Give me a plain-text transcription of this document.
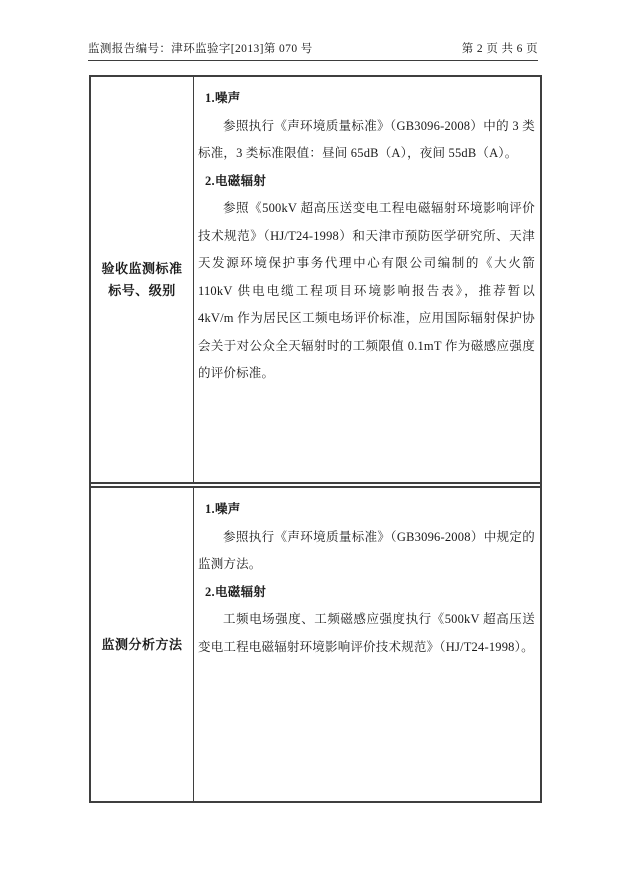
监测报告编号：津环监验字[2013]第 070 号	第 2 页 共 6 页
验收监测标准
标号、级别
1.噪声
参照执行《声环境质量标准》（GB3096-2008）中的 3 类标准，3 类标准限值：昼间 65dB（A），夜间 55dB（A）。
2.电磁辐射
参照《500kV 超高压送变电工程电磁辐射环境影响评价技术规范》（HJ/T24-1998）和天津市预防医学研究所、天津天发源环境保护事务代理中心有限公司编制的《大火箭 110kV 供电电缆工程项目环境影响报告表》，推荐暂以 4kV/m 作为居民区工频电场评价标准，应用国际辐射保护协会关于对公众全天辐射时的工频限值 0.1mT 作为磁感应强度的评价标准。
监测分析方法
1.噪声
参照执行《声环境质量标准》（GB3096-2008）中规定的监测方法。
2.电磁辐射
工频电场强度、工频磁感应强度执行《500kV 超高压送变电工程电磁辐射环境影响评价技术规范》（HJ/T24-1998）。
